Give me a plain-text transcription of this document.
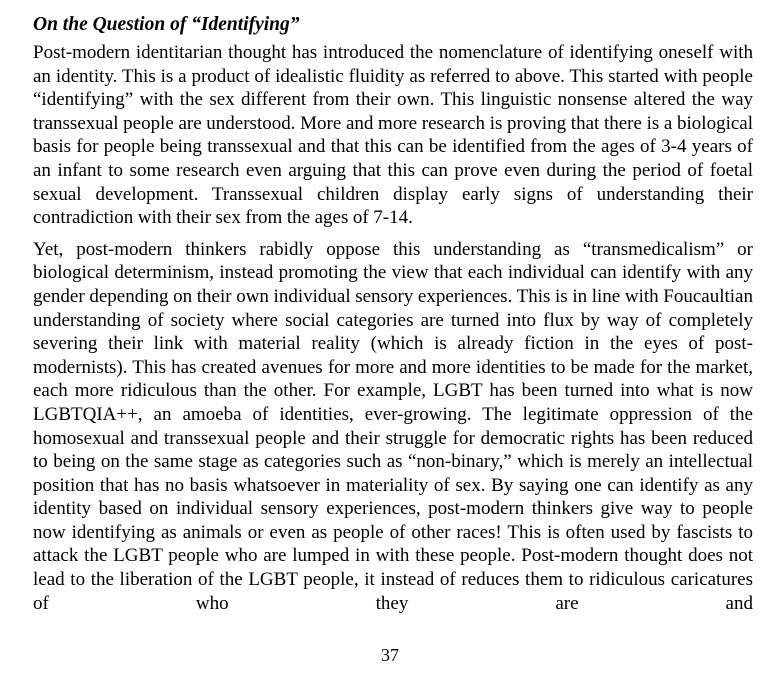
On the Question of “Identifying”

Post-modern identitarian thought has introduced the nomenclature of identifying oneself with an identity. This is a product of idealistic fluidity as referred to above. This started with people “identifying” with the sex different from their own. This linguistic nonsense altered the way transsexual people are understood. More and more research is proving that there is a biological basis for people being transsexual and that this can be identified from the ages of 3-4 years of an infant to some research even arguing that this can prove even during the period of foetal sexual development. Transsexual children display early signs of understanding their contradiction with their sex from the ages of 7-14.

Yet, post-modern thinkers rabidly oppose this understanding as “transmedicalism” or biological determinism, instead promoting the view that each individual can identify with any gender depending on their own individual sensory experiences. This is in line with Foucaultian understanding of society where social categories are turned into flux by way of completely severing their link with material reality (which is already fiction in the eyes of post-modernists). This has created avenues for more and more identities to be made for the market, each more ridiculous than the other. For example, LGBT has been turned into what is now LGBTQIA++, an amoeba of identities, ever-growing. The legitimate oppression of the homosexual and transsexual people and their struggle for democratic rights has been reduced to being on the same stage as categories such as “non-binary,” which is merely an intellectual position that has no basis whatsoever in materiality of sex. By saying one can identify as any identity based on individual sensory experiences, post-modern thinkers give way to people now identifying as animals or even as people of other races! This is often used by fascists to attack the LGBT people who are lumped in with these people. Post-modern thought does not lead to the liberation of the LGBT people, it instead of reduces them to ridiculous caricatures of who they are and

37
